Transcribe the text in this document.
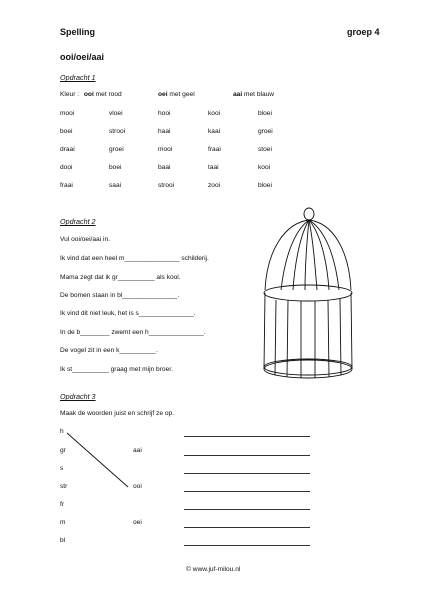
Spelling	groep 4
ooi/oei/aai
Opdracht 1
Kleur : ooi met rood	oei met geel	aai met blauw
mooi	vloei	hooi	kooi	bloei
boei	strooi	haai	kaai	groei
draai	groei	mooi	fraai	stoei
dooi	boei	baai	taai	kooi
fraai	saai	strooi	zooi	bloei
Opdracht 2
Vul ooi/oei/aai in.
Ik vind dat een heel m_______________ schilderij.
Mama zegt dat ik gr__________ als kool.
De bomen staan in bl_______________.
Ik vind dit niet leuk, het is s_______________.
In de b________ zwemt een h_______________.
De vogel zit in een k__________.
Ik st__________ graag met mijn broer.
Opdracht 3
Maak de woorden juist en schrijf ze op.
h
gr
s
str
fr
m
bl
aai
ooi
oei
© www.juf-milou.nl
